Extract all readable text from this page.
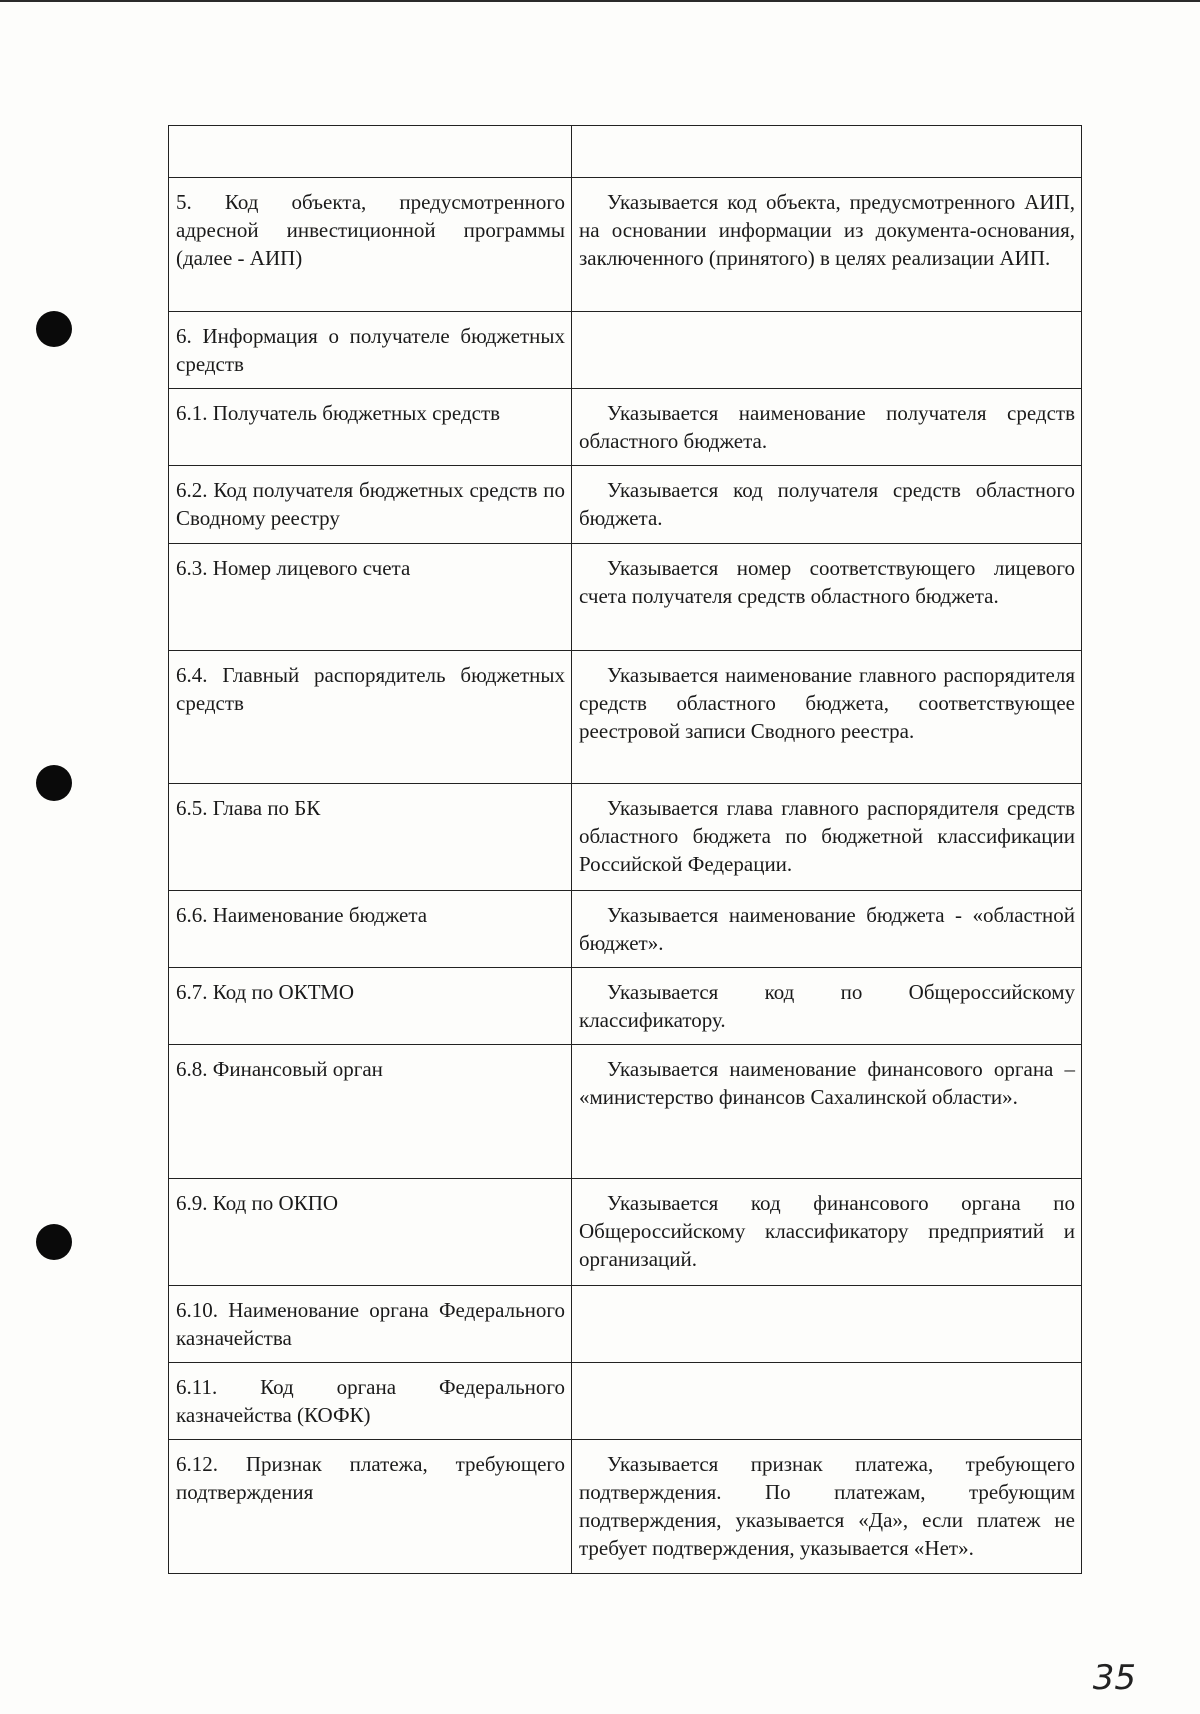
5. Код объекта, предусмотренного адресной инвестиционной программы (далее - АИП)	Указывается код объекта, предусмотренного АИП, на основании информации из документа-основания, заключенного (принятого) в целях реализации АИП.
6. Информация о получателе бюджетных средств	
6.1. Получатель бюджетных средств	Указывается наименование получателя средств областного бюджета.
6.2. Код получателя бюджетных средств по Сводному реестру	Указывается код получателя средств областного бюджета.
6.3. Номер лицевого счета	Указывается номер соответствующего лицевого счета получателя средств областного бюджета.
6.4. Главный распорядитель бюджетных средств	Указывается наименование главного распорядителя средств областного бюджета, соответствующее реестровой записи Сводного реестра.
6.5. Глава по БК	Указывается глава главного распорядителя средств областного бюджета по бюджетной классификации Российской Федерации.
6.6. Наименование бюджета	Указывается наименование бюджета - «областной бюджет».
6.7. Код по ОКТМО	Указывается код по Общероссийскому классификатору.
6.8. Финансовый орган	Указывается наименование финансового органа – «министерство финансов Сахалинской области».
6.9. Код по ОКПО	Указывается код финансового органа по Общероссийскому классификатору предприятий и организаций.
6.10. Наименование органа Федерального казначейства	
6.11. Код органа Федерального казначейства (КОФК)	
6.12. Признак платежа, требующего подтверждения	Указывается признак платежа, требующего подтверждения. По платежам, требующим подтверждения, указывается «Да», если платеж не требует подтверждения, указывается «Нет».
35
